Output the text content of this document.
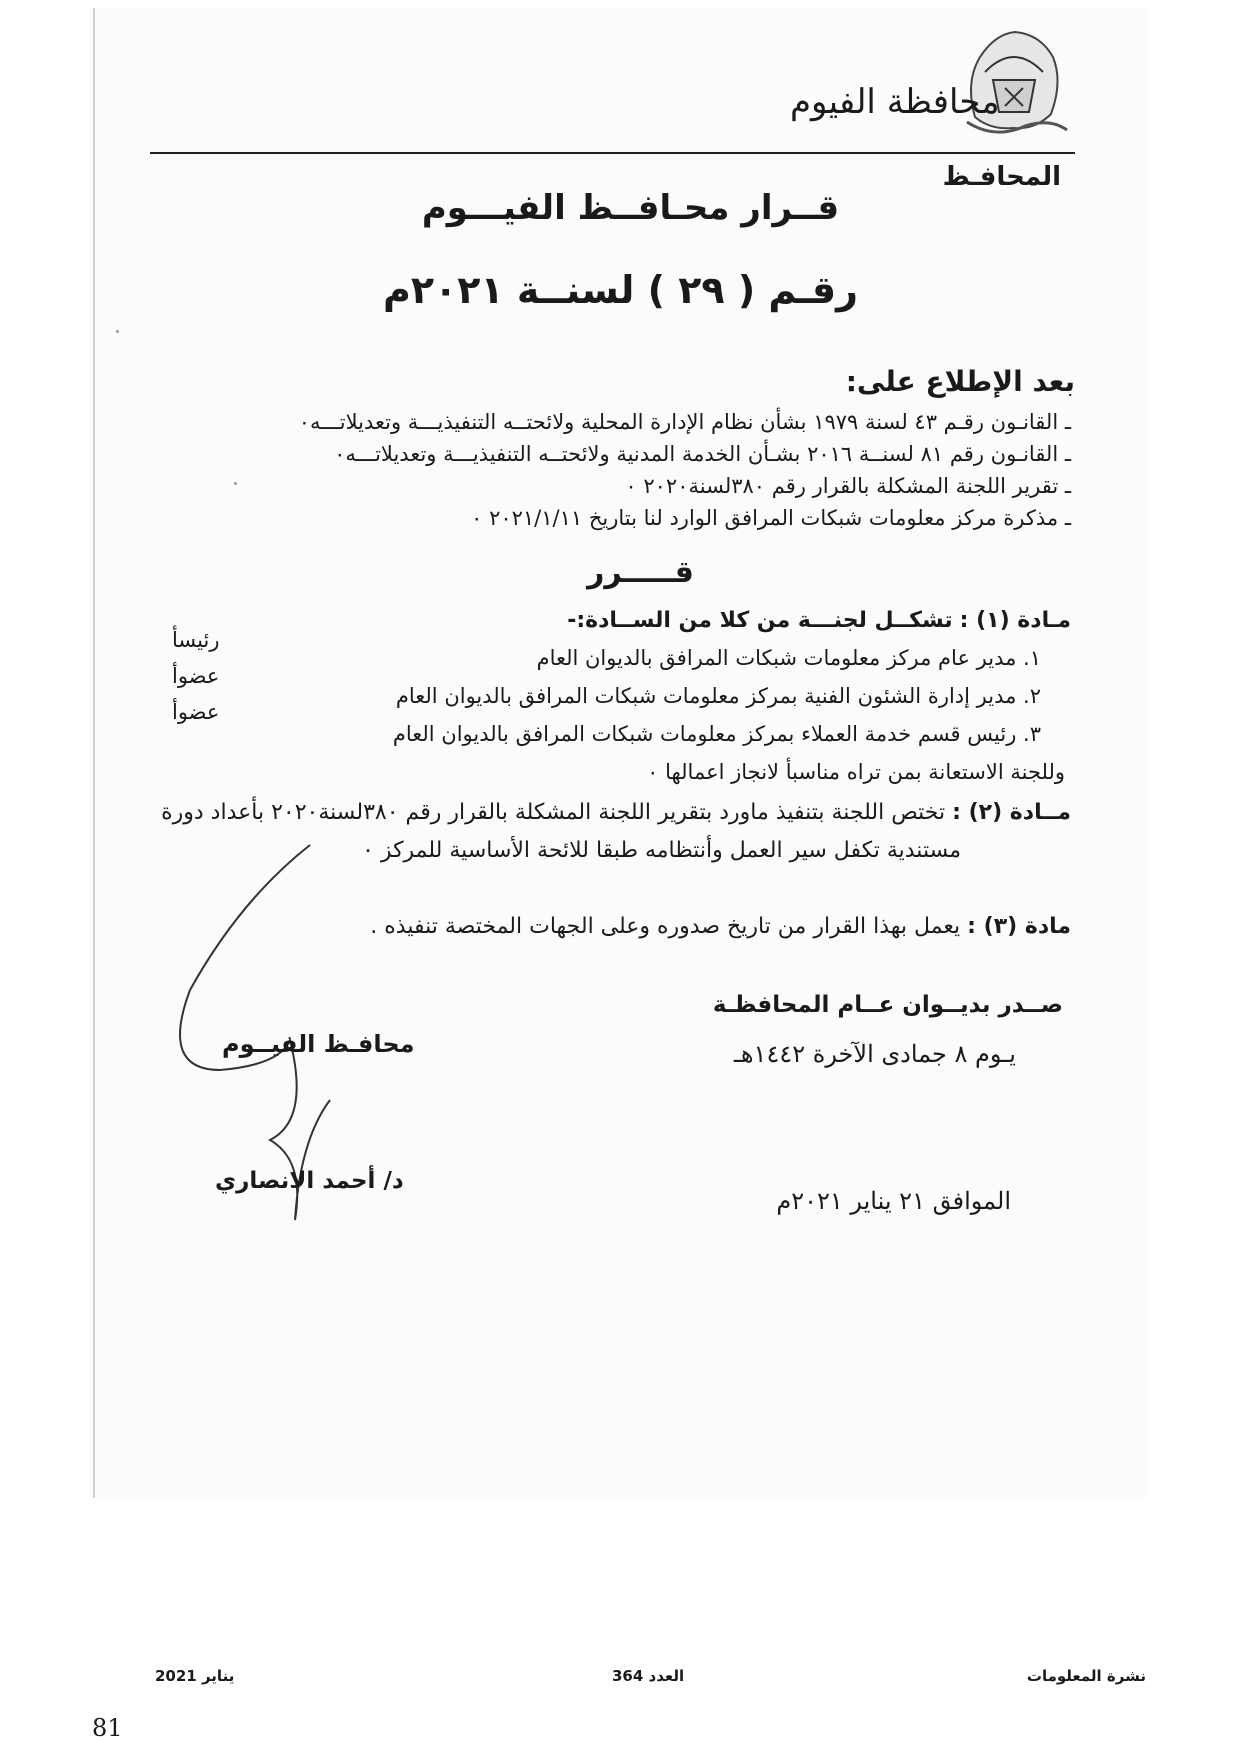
محافظة الفيوم
المحافـظ
قــرار محـافــظ الفيـــوم
رقـم ( ٢٩ ) لسنــة ٢٠٢١م
بعد الإطلاع على:
ـ القانـون رقـم ٤٣ لسنة ١٩٧٩ بشأن نظام الإدارة المحلية ولائحتــه التنفيذيـــة وتعديلاتـــه٠
ـ القانـون رقم ٨١ لسنــة ٢٠١٦ بشـأن الخدمة المدنية ولائحتــه التنفيذيـــة وتعديلاتـــه٠
ـ تقرير اللجنة المشكلة بالقرار رقم ٣٨٠لسنة٢٠٢٠ ٠
ـ مذكرة مركز معلومات شبكات المرافق الوارد لنا بتاريخ ٢٠٢١/١/١١ ٠
قـــــرر
مـادة (١) : تشكــل لجنـــة من كلا من الســادة:-
١. مدير عام مركز معلومات شبكات المرافق بالديوان العام
رئيسأ
٢. مدير إدارة الشئون الفنية بمركز معلومات شبكات المرافق بالديوان العام
عضوأ
٣. رئيس قسم خدمة العملاء بمركز معلومات شبكات المرافق بالديوان العام
عضوأ
وللجنة الاستعانة بمن تراه مناسبأ لانجاز اعمالها ٠
مــادة (٢) : تختص اللجنة بتنفيذ ماورد بتقرير اللجنة المشكلة بالقرار رقم ٣٨٠لسنة٢٠٢٠ بأعداد دورة
مستندية تكفل سير العمل وأنتظامه طبقا للائحة الأساسية للمركز ٠
مادة (٣) : يعمل بهذا القرار من تاريخ صدوره وعلى الجهات المختصة تنفيذه .
صــدر بديــوان عــام المحافظـة
يـوم ٨ جمادى الآخرة ١٤٤٢هـ
الموافق ٢١ يناير ٢٠٢١م
محافـظ الفيــوم
د/ أحمد الانصاري
نشرة المعلومات
العدد 364
يناير 2021
81
